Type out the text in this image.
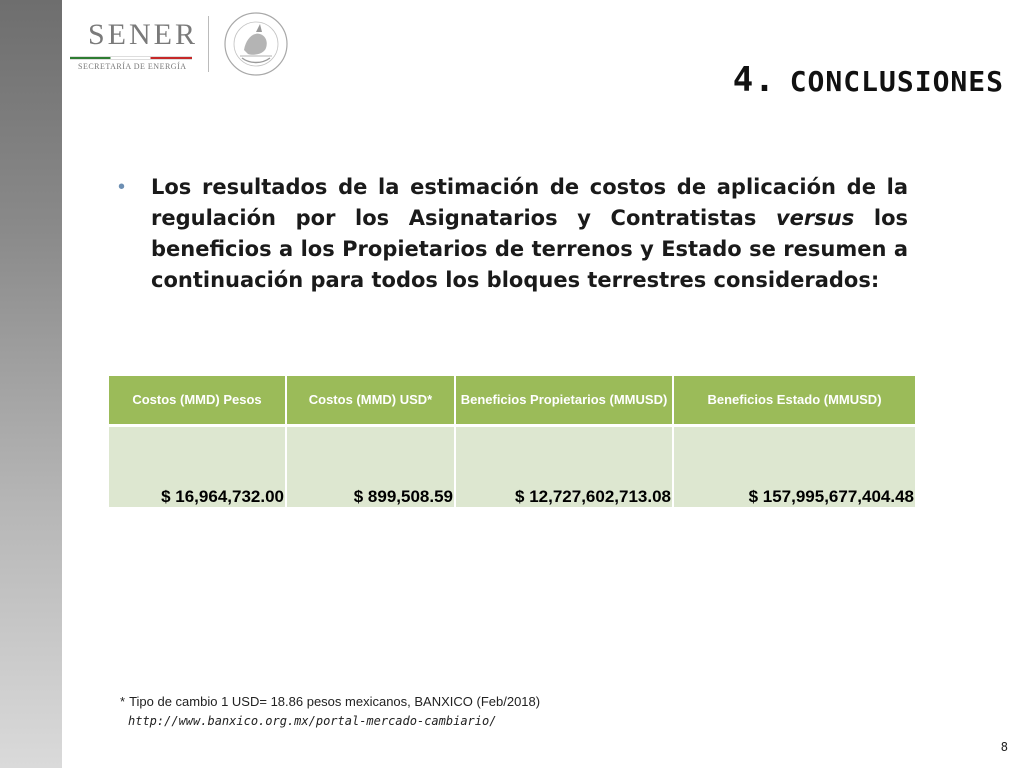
SENER
SECRETARÍA DE ENERGÍA	4. CONCLUSIONES
• Los resultados de la estimación de costos de aplicación de la regulación por los Asignatarios y Contratistas versus los beneficios a los Propietarios de terrenos y Estado se resumen a continuación para todos los bloques terrestres considerados:
Costos (MMD) Pesos	Costos (MMD) USD*	Beneficios Propietarios (MMUSD)	Beneficios Estado (MMUSD)
$ 16,964,732.00	$ 899,508.59	$ 12,727,602,713.08	$ 157,995,677,404.48
* Tipo de cambio 1 USD= 18.86 pesos mexicanos, BANXICO (Feb/2018)
http://www.banxico.org.mx/portal-mercado-cambiario/
8
